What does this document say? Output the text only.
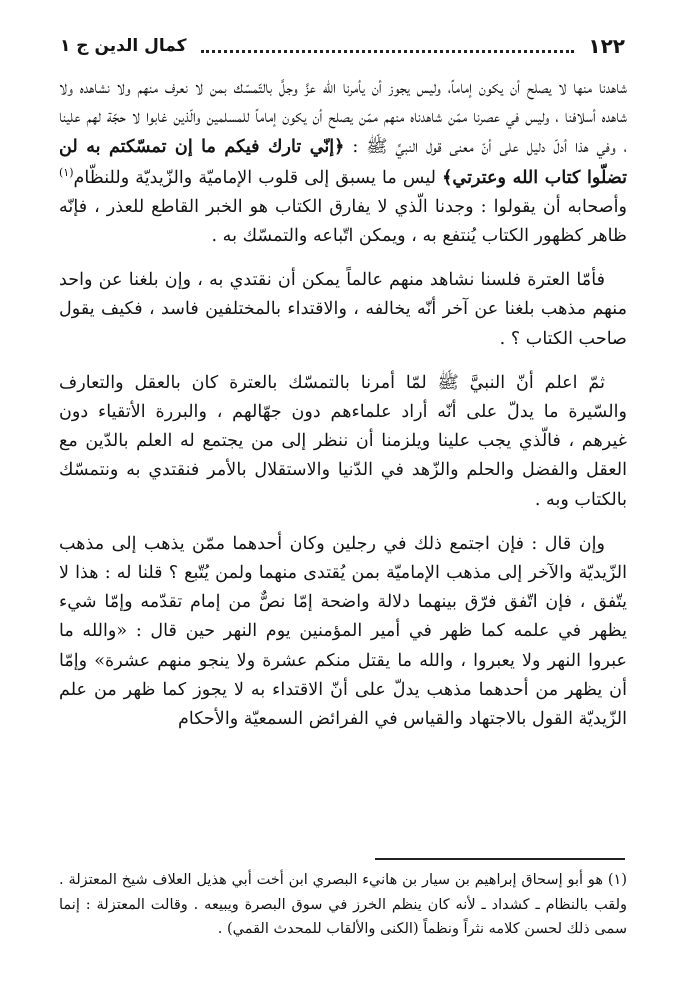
١٢٢
كمال الدين ج ١

شاهدنا منها لا يصلح أن يكون إماماً، وليس يجوز أن يأمرنا الله عزَّ وجلَّ بالتّمسّك بمن لا نعرف منهم ولا نشاهده ولا شاهده أسلافنا ، وليس في عصرنا ممّن شاهدناه منهم ممّن يصلح أن يكون إماماً للمسلمين والّذين غابوا لا حجّة لهم علينا ، وفي هذا أدلّ دليل على أنّ معنى قول النبيِّ ﷺ : ﴿إنّي تارك فيكم ما إن تمسّكتم به لن تضلّوا كتاب الله وعترتي﴾ ليس ما يسبق إلى قلوب الإماميّة والزّيديّة وللنظّام$^{(١)}$ وأصحابه أن يقولوا : وجدنا الّذي لا يفارق الكتاب هو الخبر القاطع للعذر ، فإنّه ظاهر كظهور الكتاب يُنتفع به ، ويمكن اتّباعه والتمسّك به .

فأمّا العترة فلسنا نشاهد منهم عالماً يمكن أن نقتدي به ، وإن بلغنا عن واحد منهم مذهب بلغنا عن آخر أنّه يخالفه ، والاقتداء بالمختلفين فاسد ، فكيف يقول صاحب الكتاب ؟ .

ثمّ اعلم أنّ النبيَّ ﷺ لمّا أمرنا بالتمسّك بالعترة كان بالعقل والتعارف والسّيرة ما يدلّ على أنّه أراد علماءهم دون جهّالهم ، والبررة الأتقياء دون غيرهم ، فالّذي يجب علينا ويلزمنا أن ننظر إلى من يجتمع له العلم بالدّين مع العقل والفضل والحلم والزّهد في الدّنيا والاستقلال بالأمر فنقتدي به ونتمسّك بالكتاب وبه .

وإن قال : فإن اجتمع ذلك في رجلين وكان أحدهما ممّن يذهب إلى مذهب الزّيديّة والآخر إلى مذهب الإماميّة بمن يُقتدى منهما ولمن يُتّبع ؟ قلنا له : هذا لا يتّفق ، فإن اتّفق فرّق بينهما دلالة واضحة إمّا نصٌّ من إمام تقدّمه وإمّا شيء يظهر في علمه كما ظهر في أمير المؤمنين يوم النهر حين قال : «والله ما عبروا النهر ولا يعبروا ، والله ما يقتل منكم عشرة ولا ينجو منهم عشرة» وإمّا أن يظهر من أحدهما مذهب يدلّ على أنّ الاقتداء به لا يجوز كما ظهر من علم الزّيديّة القول بالاجتهاد والقياس في الفرائض السمعيّة والأحكام

(١) هو أبو إسحاق إبراهيم بن سيار بن هانيء البصري ابن أخت أبي هذيل العلاف شيخ المعتزلة . ولقب بالنظام ـ كشداد ـ لأنه كان ينظم الخرز في سوق البصرة ويبيعه . وقالت المعتزلة : إنما سمى ذلك لحسن كلامه نثراً ونظماً (الكنى والألقاب للمحدث القمي) .
